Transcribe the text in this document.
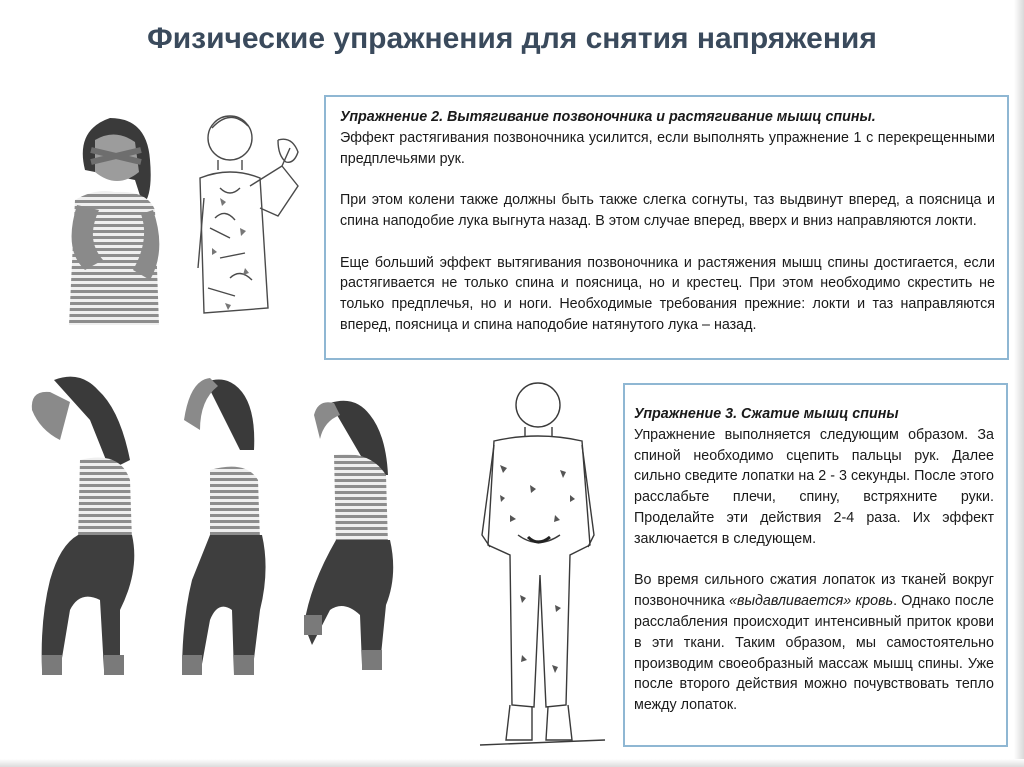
Физические упражнения для снятия напряжения

Упражнение 2. Вытягивание позвоночника и растягивание мышц спины.
Эффект растягивания позвоночника усилится, если выполнять упражнение 1 с перекрещенными предплечьями рук.

При этом колени также должны быть также слегка согнуты, таз выдвинут вперед, а поясница и спина наподобие лука выгнута назад. В этом случае вперед, вверх и вниз направляются локти.

Еще больший эффект вытягивания позвоночника и растяжения мышц спины достигается, если растягивается не только спина и поясница, но и крестец. При этом необходимо скрестить не только предплечья, но и ноги. Необходимые требования прежние: локти и таз направляются вперед, поясница и спина наподобие натянутого лука – назад.

Упражнение 3. Сжатие мышц спины
Упражнение выполняется следующим образом. За спиной необходимо сцепить пальцы рук. Далее сильно сведите лопатки на 2 - 3 секунды. После этого расслабьте плечи, спину, встряхните руки. Проделайте эти действия 2-4 раза. Их эффект заключается в следующем.

Во время сильного сжатия лопаток из тканей вокруг позвоночника «выдавливается» кровь. Однако после расслабления происходит интенсивный приток крови в эти ткани. Таким образом, мы самостоятельно производим своеобразный массаж мышц спины. Уже после второго действия можно почувствовать тепло между лопаток.
